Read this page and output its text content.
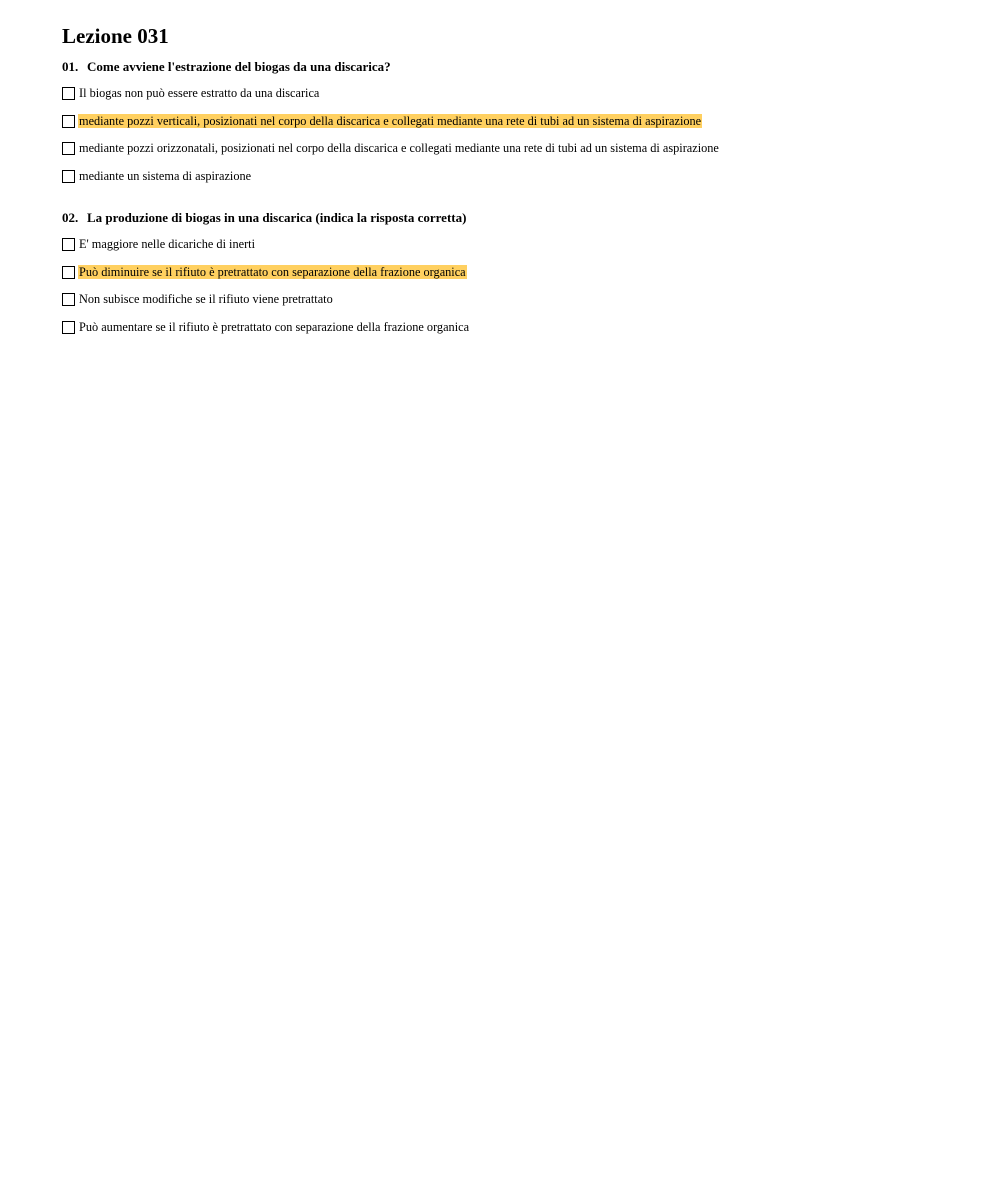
Lezione 031
01. Come avviene l'estrazione del biogas da una discarica?
Il biogas non può essere estratto da una discarica
mediante pozzi verticali, posizionati nel corpo della discarica e collegati mediante una rete di tubi ad un sistema di aspirazione
mediante pozzi orizzonatali, posizionati nel corpo della discarica e collegati mediante una rete di tubi ad un sistema di aspirazione
mediante un sistema di aspirazione
02. La produzione di biogas in una discarica (indica la risposta corretta)
E' maggiore nelle dicariche di inerti
Può diminuire se il rifiuto è pretrattato con separazione della frazione organica
Non subisce modifiche se il rifiuto viene pretrattato
Può aumentare se il rifiuto è pretrattato con separazione della frazione organica
